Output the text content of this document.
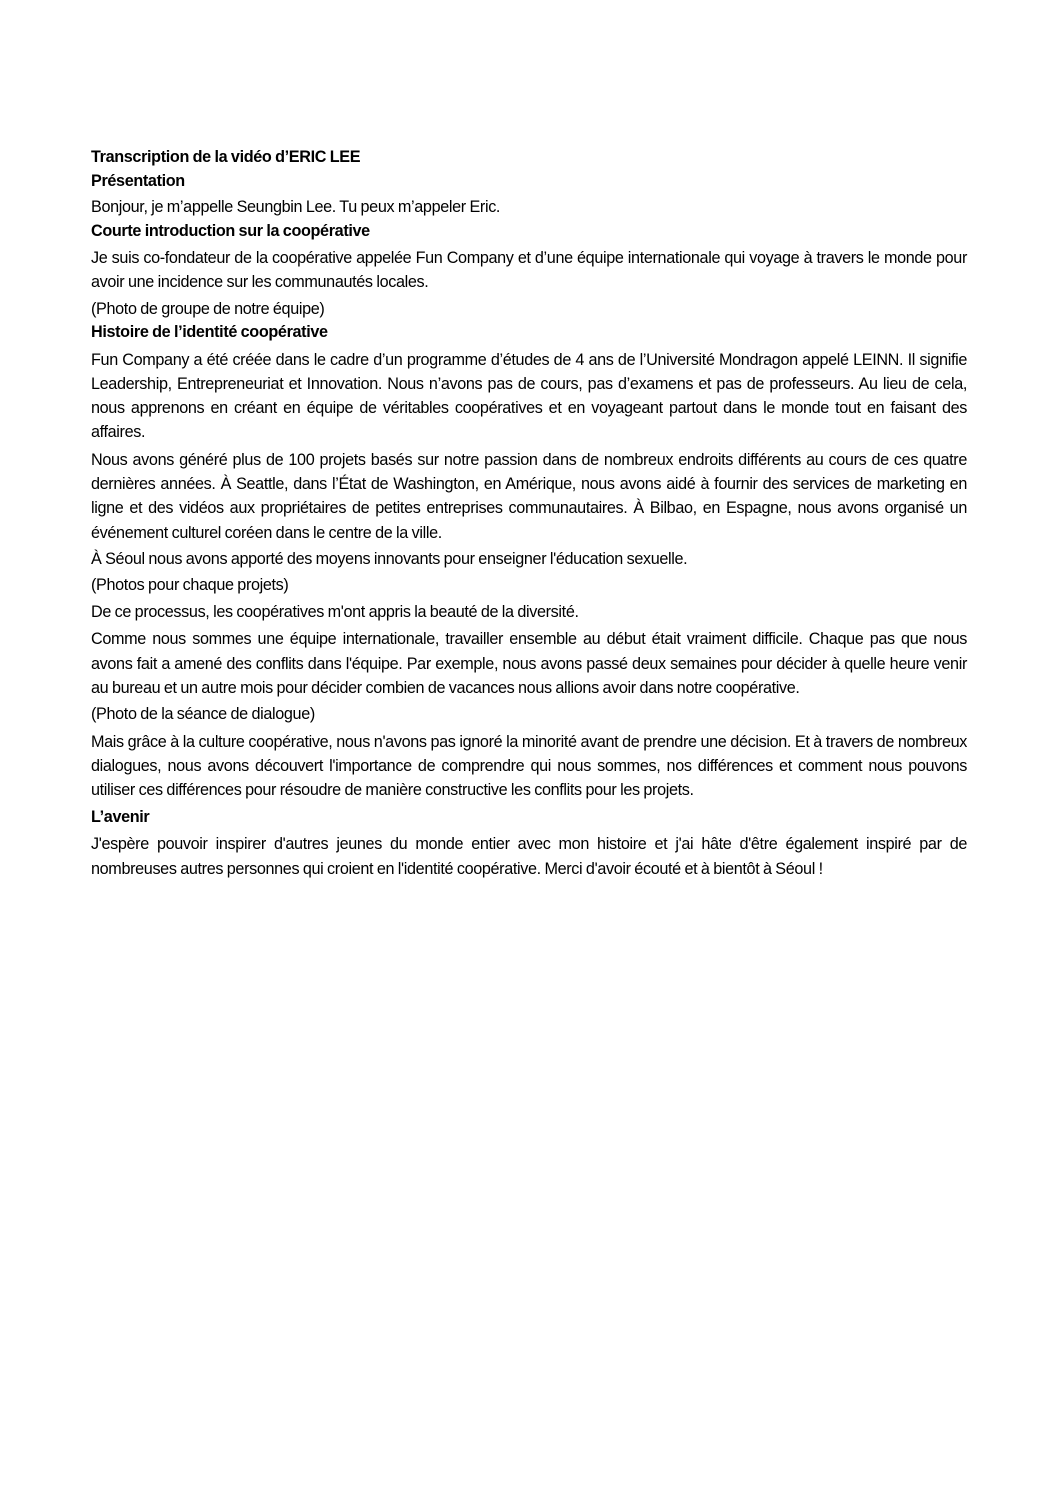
Transcription de la vidéo d’ERIC LEE

Présentation

Bonjour, je m’appelle Seungbin Lee. Tu peux m’appeler Eric.

Courte introduction sur la coopérative

Je suis co-fondateur de la coopérative appelée Fun Company et d’une équipe internationale qui voyage à travers le monde pour avoir une incidence sur les communautés locales.

(Photo de groupe de notre équipe)

Histoire de l’identité coopérative

Fun Company a été créée dans le cadre d’un programme d’études de 4 ans de l’Université Mondragon appelé LEINN. Il signifie Leadership, Entrepreneuriat et Innovation. Nous n’avons pas de cours, pas d’examens et pas de professeurs. Au lieu de cela, nous apprenons en créant en équipe de véritables coopératives et en voyageant partout dans le monde tout en faisant des affaires.

Nous avons généré plus de 100 projets basés sur notre passion dans de nombreux endroits différents au cours de ces quatre dernières années. À Seattle, dans l’État de Washington, en Amérique, nous avons aidé à fournir des services de marketing en ligne et des vidéos aux propriétaires de petites entreprises communautaires. À Bilbao, en Espagne, nous avons organisé un événement culturel coréen dans le centre de la ville.

À Séoul nous avons apporté des moyens innovants pour enseigner l'éducation sexuelle.

(Photos pour chaque projets)

De ce processus, les coopératives m'ont appris la beauté de la diversité.

Comme nous sommes une équipe internationale, travailler ensemble au début était vraiment difficile. Chaque pas que nous avons fait a amené des conflits dans l'équipe. Par exemple, nous avons passé deux semaines pour décider à quelle heure venir au bureau et un autre mois pour décider combien de vacances nous allions avoir dans notre coopérative.

(Photo de la séance de dialogue)

Mais grâce à la culture coopérative, nous n'avons pas ignoré la minorité avant de prendre une décision. Et à travers de nombreux dialogues, nous avons découvert l'importance de comprendre qui nous sommes, nos différences et comment nous pouvons utiliser ces différences pour résoudre de manière constructive les conflits pour les projets.

L’avenir

J'espère pouvoir inspirer d'autres jeunes du monde entier avec mon histoire et j'ai hâte d'être également inspiré par de nombreuses autres personnes qui croient en l'identité coopérative. Merci d'avoir écouté et à bientôt à Séoul !
